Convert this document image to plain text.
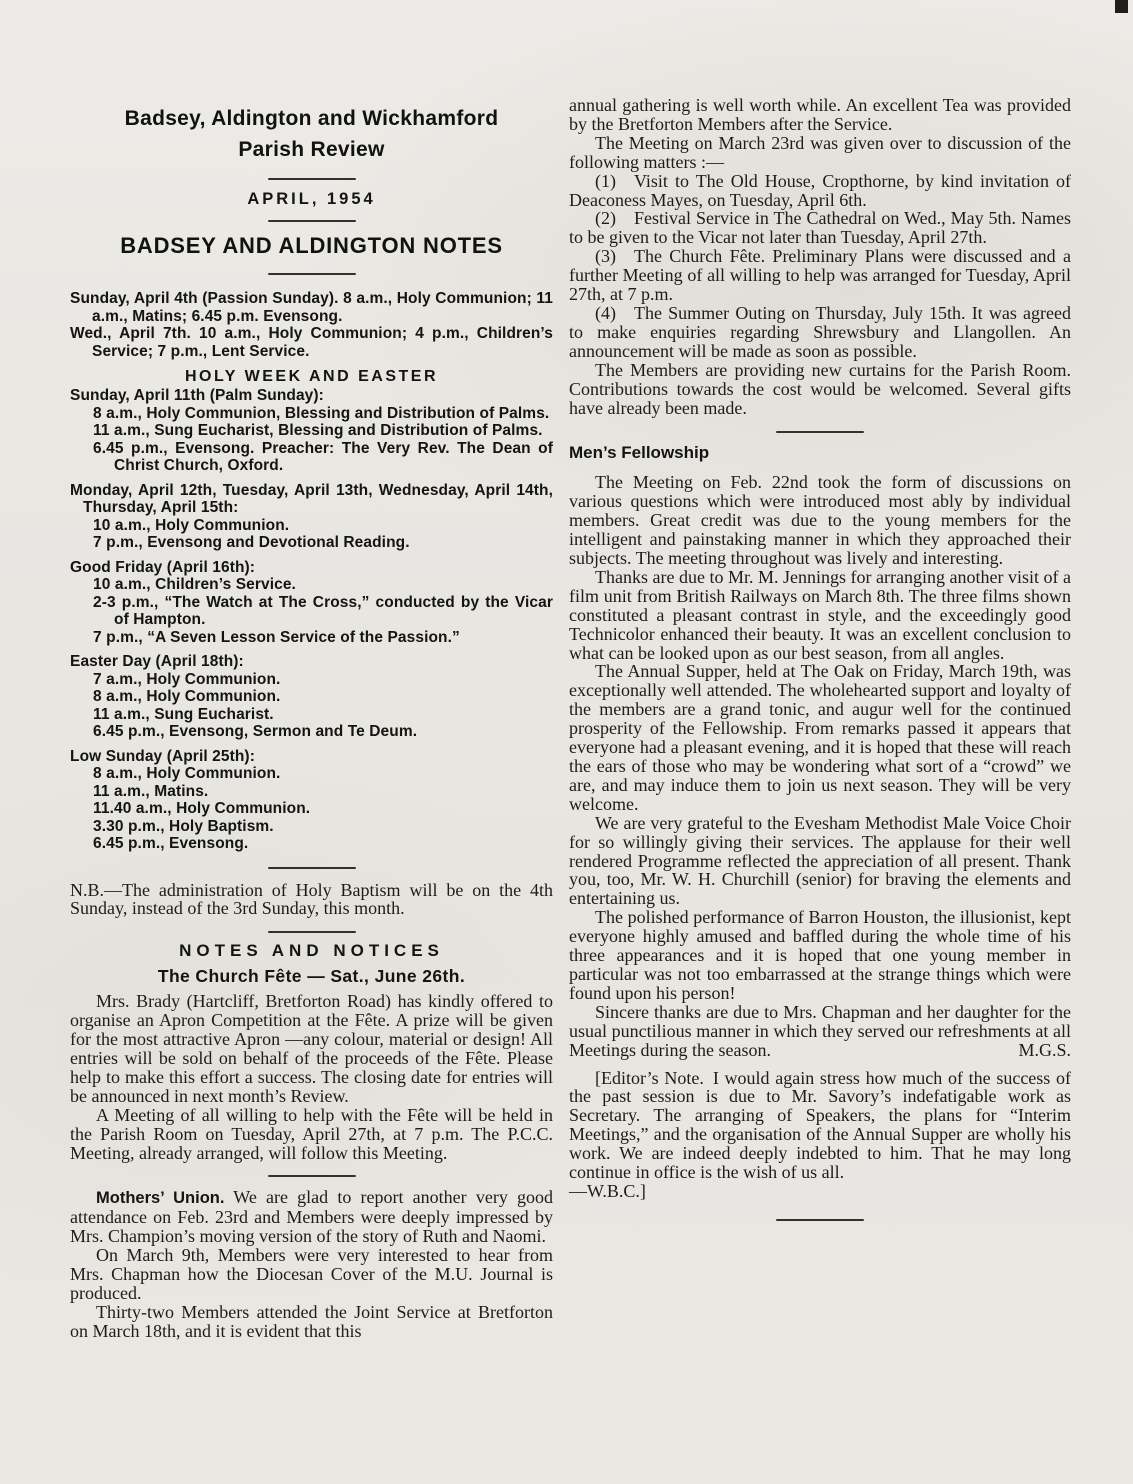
Badsey, Aldington and Wickhamford
Parish Review
APRIL, 1954
BADSEY AND ALDINGTON NOTES

Sunday, April 4th (Passion Sunday). 8 a.m., Holy Communion; 11 a.m., Matins; 6.45 p.m. Evensong.

Wed., April 7th. 10 a.m., Holy Communion; 4 p.m., Children’s Service; 7 p.m., Lent Service.

HOLY WEEK AND EASTER

Sunday, April 11th (Palm Sunday):

8 a.m., Holy Communion, Blessing and Distribution of Palms.

11 a.m., Sung Eucharist, Blessing and Distribution of Palms.

6.45 p.m., Evensong. Preacher: The Very Rev. The Dean of Christ Church, Oxford.

Monday, April 12th, Tuesday, April 13th, Wednesday, April 14th, Thursday, April 15th:

10 a.m., Holy Communion.

7 p.m., Evensong and Devotional Reading.

Good Friday (April 16th):

10 a.m., Children’s Service.

2-3 p.m., “The Watch at The Cross,” conducted by the Vicar of Hampton.

7 p.m., “A Seven Lesson Service of the Passion.”

Easter Day (April 18th):

7 a.m., Holy Communion.

8 a.m., Holy Communion.

11 a.m., Sung Eucharist.

6.45 p.m., Evensong, Sermon and Te Deum.

Low Sunday (April 25th):

8 a.m., Holy Communion.

11 a.m., Matins.

11.40 a.m., Holy Communion.

3.30 p.m., Holy Baptism.

6.45 p.m., Evensong.

N.B.—The administration of Holy Baptism will be on the 4th Sunday, instead of the 3rd Sunday, this month.

NOTES AND NOTICES
The Church Fête — Sat., June 26th.

Mrs. Brady (Hartcliff, Bretforton Road) has kindly offered to organise an Apron Competition at the Fête. A prize will be given for the most attractive Apron —any colour, material or design! All entries will be sold on behalf of the proceeds of the Fête. Please help to make this effort a success. The closing date for entries will be announced in next month’s Review.

A Meeting of all willing to help with the Fête will be held in the Parish Room on Tuesday, April 27th, at 7 p.m. The P.C.C. Meeting, already arranged, will follow this Meeting.

Mothers’ Union. We are glad to report another very good attendance on Feb. 23rd and Members were deeply impressed by Mrs. Champion’s moving version of the story of Ruth and Naomi.

On March 9th, Members were very interested to hear from Mrs. Chapman how the Diocesan Cover of the M.U. Journal is produced.

Thirty-two Members attended the Joint Service at Bretforton on March 18th, and it is evident that this

annual gathering is well worth while. An excellent Tea was provided by the Bretforton Members after the Service.

The Meeting on March 23rd was given over to discussion of the following matters :—

(1) Visit to The Old House, Cropthorne, by kind invitation of Deaconess Mayes, on Tuesday, April 6th.

(2) Festival Service in The Cathedral on Wed., May 5th. Names to be given to the Vicar not later than Tuesday, April 27th.

(3) The Church Fête. Preliminary Plans were discussed and a further Meeting of all willing to help was arranged for Tuesday, April 27th, at 7 p.m.

(4) The Summer Outing on Thursday, July 15th. It was agreed to make enquiries regarding Shrewsbury and Llangollen. An announcement will be made as soon as possible.

The Members are providing new curtains for the Parish Room. Contributions towards the cost would be welcomed. Several gifts have already been made.

Men’s Fellowship

The Meeting on Feb. 22nd took the form of discussions on various questions which were introduced most ably by individual members. Great credit was due to the young members for the intelligent and painstaking manner in which they approached their subjects. The meeting throughout was lively and interesting.

Thanks are due to Mr. M. Jennings for arranging another visit of a film unit from British Railways on March 8th. The three films shown constituted a pleasant contrast in style, and the exceedingly good Technicolor enhanced their beauty. It was an excellent conclusion to what can be looked upon as our best season, from all angles.

The Annual Supper, held at The Oak on Friday, March 19th, was exceptionally well attended. The wholehearted support and loyalty of the members are a grand tonic, and augur well for the continued prosperity of the Fellowship. From remarks passed it appears that everyone had a pleasant evening, and it is hoped that these will reach the ears of those who may be wondering what sort of a “crowd” we are, and may induce them to join us next season. They will be very welcome.

We are very grateful to the Evesham Methodist Male Voice Choir for so willingly giving their services. The applause for their well rendered Programme reflected the appreciation of all present. Thank you, too, Mr. W. H. Churchill (senior) for braving the elements and entertaining us.

The polished performance of Barron Houston, the illusionist, kept everyone highly amused and baffled during the whole time of his three appearances and it is hoped that one young member in particular was not too embarrassed at the strange things which were found upon his person!

Sincere thanks are due to Mrs. Chapman and her daughter for the usual punctilious manner in which they served our refreshments at all Meetings during the season.	M.G.S.

[Editor’s Note. I would again stress how much of the success of the past session is due to Mr. Savory’s indefatigable work as Secretary. The arranging of Speakers, the plans for “Interim Meetings,” and the organisation of the Annual Supper are wholly his work. We are indeed deeply indebted to him. That he may long continue in office is the wish of us all.

—W.B.C.]
